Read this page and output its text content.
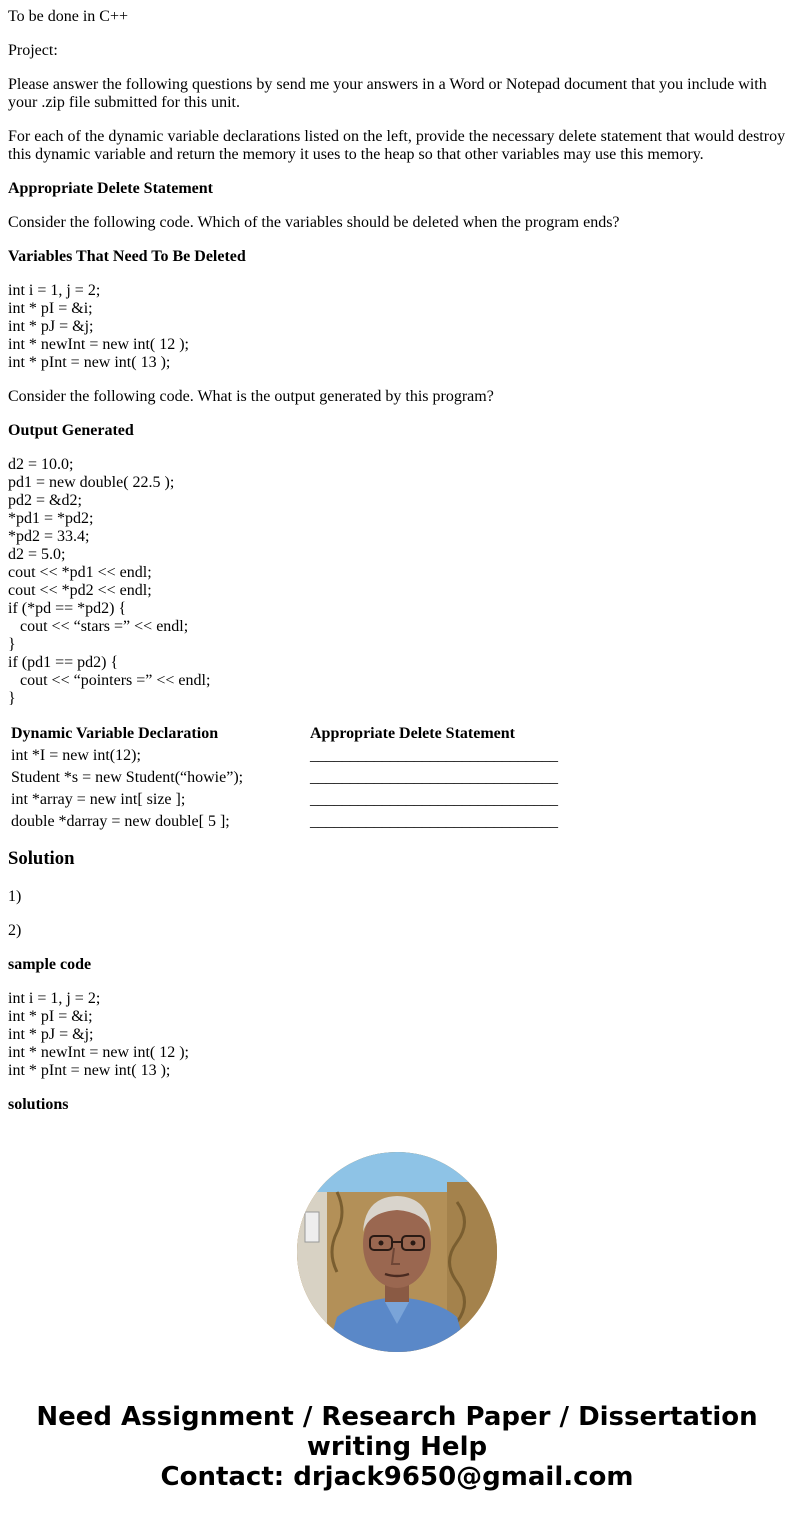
To be done in C++

Project:

Please answer the following questions by send me your answers in a Word or Notepad document that you include with your .zip file submitted for this unit.

For each of the dynamic variable declarations listed on the left, provide the necessary delete statement that would destroy this dynamic variable and return the memory it uses to the heap so that other variables may use this memory.

Appropriate Delete Statement

Consider the following code. Which of the variables should be deleted when the program ends?

Variables That Need To Be Deleted

int i = 1, j = 2;
int * pI = &i;
int * pJ = &j;
int * newInt = new int( 12 );
int * pInt = new int( 13 );

Consider the following code. What is the output generated by this program?

Output Generated

d2 = 10.0;
pd1 = new double( 22.5 );
pd2 = &d2;
*pd1 = *pd2;
*pd2 = 33.4;
d2 = 5.0;
cout << *pd1 << endl;
cout << *pd2 << endl;
if (*pd == *pd2) {
cout << “stars =” << endl;
}
if (pd1 == pd2) {
cout << “pointers =” << endl;
}
Dynamic Variable Declaration	Appropriate Delete Statement
int *I = new int(12);	_______________________________
Student *s = new Student(“howie”);	_______________________________
int *array = new int[ size ];	_______________________________
double *darray = new double[ 5 ];	_______________________________
Solution

1)

2)

sample code

int i = 1, j = 2;
int * pI = &i;
int * pJ = &j;
int * newInt = new int( 12 );
int * pInt = new int( 13 );

solutions

Need Assignment / Research Paper / Dissertation
writing Help
Contact: drjack9650@gmail.com
